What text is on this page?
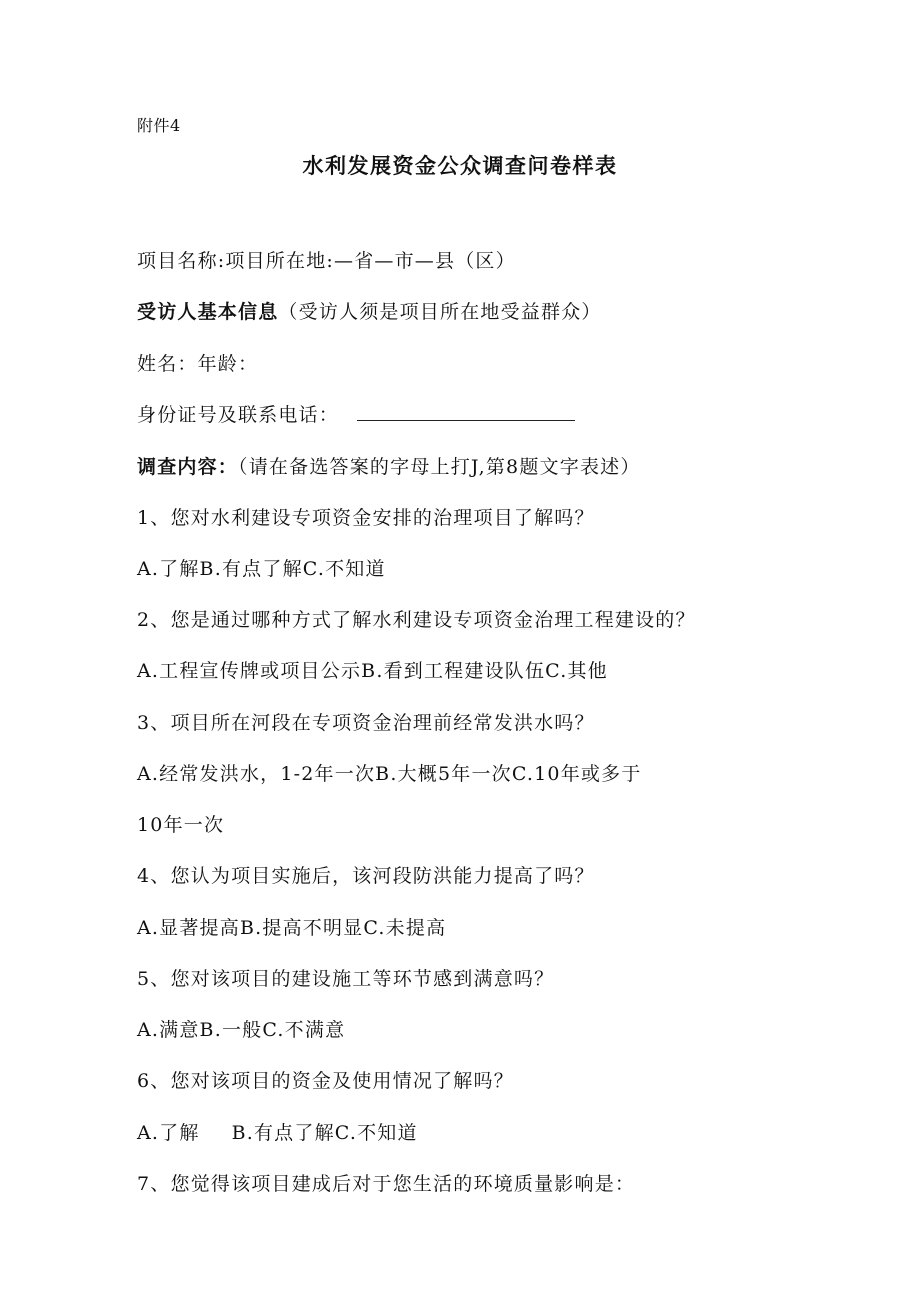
附件4
水利发展资金公众调查问卷样表
项目名称:项目所在地:—省—市—县（区）
受访人基本信息（受访人须是项目所在地受益群众）
姓名：年龄：
身份证号及联系电话：
调查内容：（请在备选答案的字母上打J,第8题文字表述）
1、您对水利建设专项资金安排的治理项目了解吗？
A.了解B.有点了解C.不知道
2、您是通过哪种方式了解水利建设专项资金治理工程建设的？
A.工程宣传牌或项目公示B.看到工程建设队伍C.其他
3、项目所在河段在专项资金治理前经常发洪水吗？
A.经常发洪水，1-2年一次B.大概5年一次C.10年或多于
10年一次
4、您认为项目实施后，该河段防洪能力提高了吗？
A.显著提高B.提高不明显C.未提高
5、您对该项目的建设施工等环节感到满意吗？
A.满意B.一般C.不满意
6、您对该项目的资金及使用情况了解吗？
A.了解 B.有点了解C.不知道
7、您觉得该项目建成后对于您生活的环境质量影响是：
